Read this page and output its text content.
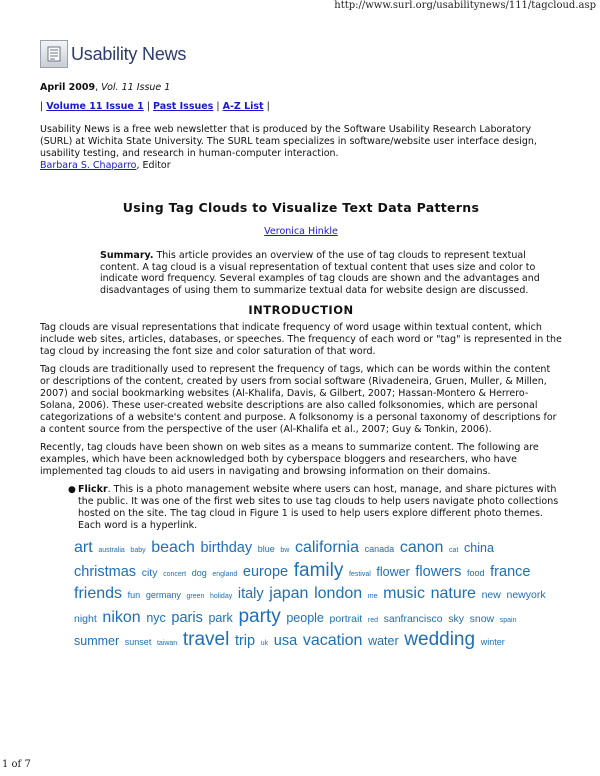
http://www.surl.org/usabilitynews/111/tagcloud.asp
Usability News
April 2009, Vol. 11 Issue 1
| Volume 11 Issue 1 | Past Issues | A-Z List |

Usability News is a free web newsletter that is produced by the Software Usability Research Laboratory (SURL) at Wichita State University. The SURL team specializes in software/website user interface design, usability testing, and research in human-computer interaction.

Barbara S. Chaparro, Editor

Using Tag Clouds to Visualize Text Data Patterns
Veronica Hinkle
Summary. This article provides an overview of the use of tag clouds to represent textual content. A tag cloud is a visual representation of textual content that uses size and color to indicate word frequency. Several examples of tag clouds are shown and the advantages and disadvantages of using them to summarize textual data for website design are discussed.
INTRODUCTION

Tag clouds are visual representations that indicate frequency of word usage within textual content, which include web sites, articles, databases, or speeches. The frequency of each word or "tag" is represented in the tag cloud by increasing the font size and color saturation of that word.

Tag clouds are traditionally used to represent the frequency of tags, which can be words within the content or descriptions of the content, created by users from social software (Rivadeneira, Gruen, Muller, & Millen, 2007) and social bookmarking websites (Al-Khalifa, Davis, & Gilbert, 2007; Hassan-Montero & Herrero-Solana, 2006). These user-created website descriptions are also called folksonomies, which are personal categorizations of a website's content and purpose. A folksonomy is a personal taxonomy of descriptions for a content source from the perspective of the user (Al-Khalifa et al., 2007; Guy & Tonkin, 2006).

Recently, tag clouds have been shown on web sites as a means to summarize content. The following are examples, which have been acknowledged both by cyberspace bloggers and researchers, who have implemented tag clouds to aid users in navigating and browsing information on their domains.

● Flickr. This is a photo management website where users can host, manage, and share pictures with the public. It was one of the first web sites to use tag clouds to help users navigate photo collections hosted on the site. The tag cloud in Figure 1 is used to help users explore different photo themes. Each word is a hyperlink.
art australia baby beach birthday blue bw california canada canon cat china christmas city concert dog england europe family festival flower flowers food france friends fun germany green holiday italy japan london me music nature new newyork night nikon nyc paris park party people portrait red sanfrancisco sky snow spain summer sunset taiwan travel trip uk usa vacation water wedding winter
1 of 7
